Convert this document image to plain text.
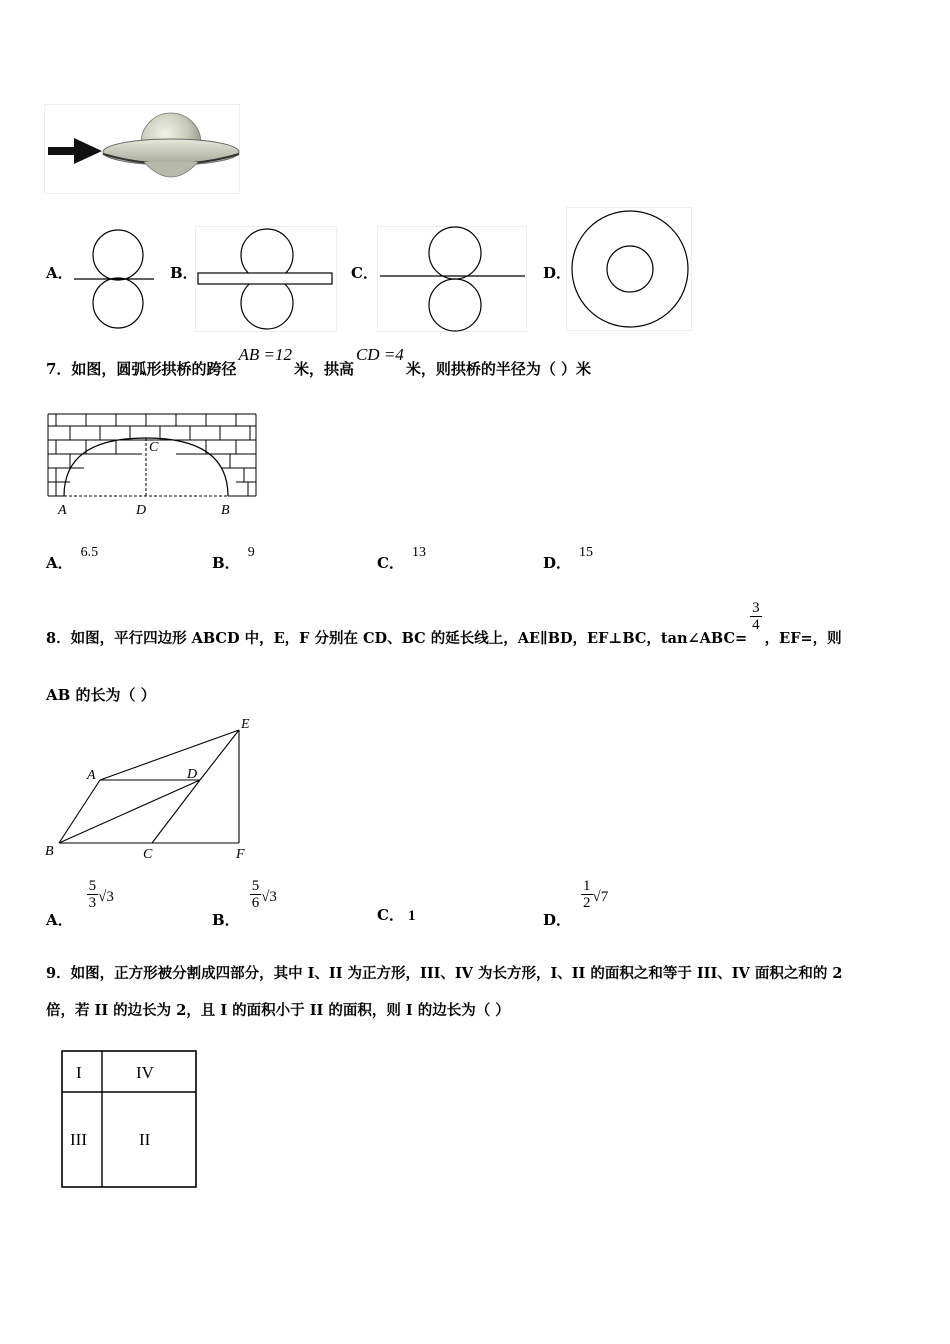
A．	B．	C．	D．
7．如图，圆弧形拱桥的跨径AB =12米，拱高CD =4米，则拱桥的半径为（ ）米
C
A	D	B
A．6.5
B．9
C．13
D．15
8．如图，平行四边形 ABCD 中，E，F 分别在 CD、BC 的延长线上，AE∥BD，EF⊥BC，tan∠ABC=
$\frac{3}{4}$
，EF=，则
AB 的长为（ ）
E
A	D
B	C	F
A．
$\frac{5}{3} √3$
B．
$\frac{5}{6} √3$
C． 1	D．
$\frac{1}{2} √7$
9．如图，正方形被分割成四部分，其中 I、II 为正方形，III、IV 为长方形，I、II 的面积之和等于 III、IV 面积之和的 2
倍，若 II 的边长为 2，且 I 的面积小于 II 的面积，则 I 的边长为（ ）
I	IV
III	II
